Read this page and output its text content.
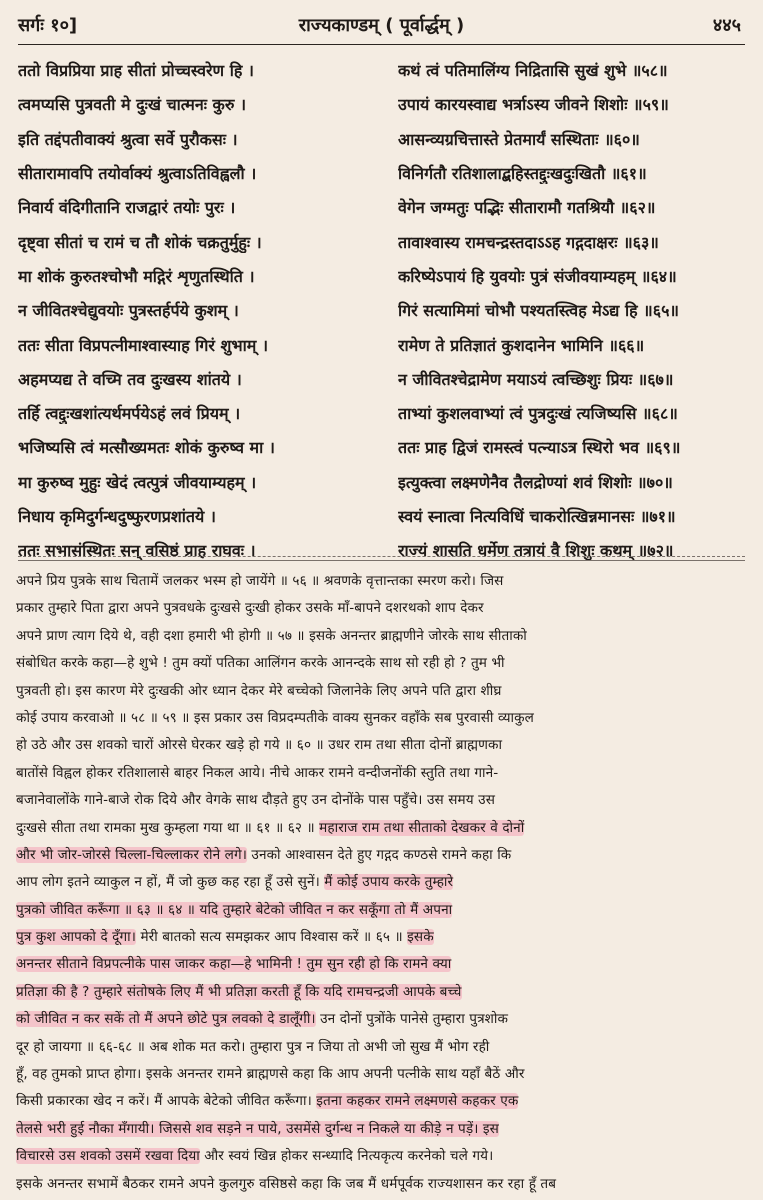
सर्गः १०]	राज्यकाण्डम् ( पूर्वार्द्धम् )	४४५
ततो विप्रप्रिया प्राह सीतां प्रोच्चस्वरेण हि ।	कथं त्वं पतिमालिंग्य निद्रितासि सुखं शुभे ॥५८॥
त्वमप्यसि पुत्रवती मे दुःखं चात्मनः कुरु ।	उपायं कारयस्वाद्य भर्त्राऽस्य जीवने शिशोः ॥५९॥
इति तद्दंपतीवाक्यं श्रुत्वा सर्वे पुरौकसः ।	आसन्व्यग्रचित्तास्ते प्रेतमार्यं सस्थिताः ॥६०॥
सीतारामावपि तयोर्वाक्यं श्रुत्वाऽतिविह्वलौ ।	विनिर्गतौ रतिशालाद्बहिस्तद्दुःखदुःखितौ ॥६१॥
निवार्य वंदिगीतानि राजद्वारं तयोः पुरः ।	वेगेन जग्मतुः पद्भिः सीतारामौ गतश्रियौ ॥६२॥
दृष्ट्वा सीतां च रामं च तौ शोकं चक्रतुर्मुहुः ।	तावाश्वास्य रामचन्द्रस्तदाऽऽह गद्गदाक्षरः ॥६३॥
मा शोकं कुरुतश्चोभौ मद्गिरं शृणुतस्थिति ।	करिष्येऽपायं हि युवयोः पुत्रं संजीवयाम्यहम् ॥६४॥
न जीवितश्चेद्युवयोः पुत्रस्तर्हर्पये कुशम् ।	गिरं सत्यामिमां चोभौ पश्यतस्त्विह मेऽद्य हि ॥६५॥
ततः सीता विप्रपत्नीमाश्वास्याह गिरं शुभाम् ।	रामेण ते प्रतिज्ञातं कुशदानेन भामिनि ॥६६॥
अहमप्यद्य ते वच्मि तव दुःखस्य शांतये ।	न जीवितश्चेद्रामेण मयाऽयं त्वच्छिशुः प्रियः ॥६७॥
तर्हि त्वद्दुःखशांत्यर्थमर्पयेऽहं लवं प्रियम् ।	ताभ्यां कुशलवाभ्यां त्वं पुत्रदुःखं त्यजिष्यसि ॥६८॥
भजिष्यसि त्वं मत्सौख्यमतः शोकं कुरुष्व मा ।	ततः प्राह द्विजं रामस्त्वं पत्न्याऽत्र स्थिरो भव ॥६९॥
मा कुरुष्व मुहुः खेदं त्वत्पुत्रं जीवयाम्यहम् ।	इत्युक्त्वा लक्ष्मणेनैव तैलद्रोण्यां शवं शिशोः ॥७०॥
निधाय कृमिदुर्गन्धदुष्फुरणप्रशांतये ।	स्वयं स्नात्वा नित्यविधिं चाकरोत्खिन्नमानसः ॥७१॥
ततः सभासंस्थितः सन् वसिष्ठं प्राह राघवः ।	राज्यं शासति धर्मेण तत्रायं वै शिशुः कथम् ॥७२॥
अपने प्रिय पुत्रके साथ चितामें जलकर भस्म हो जायेंगे ॥ ५६ ॥ श्रवणके वृत्तान्तका स्मरण करो। जिस
प्रकार तुम्हारे पिता द्वारा अपने पुत्रवधके दुःखसे दुःखी होकर उसके माँ-बापने दशरथको शाप देकर
अपने प्राण त्याग दिये थे, वही दशा हमारी भी होगी ॥ ५७ ॥ इसके अनन्तर ब्राह्मणीने जोरके साथ सीताको
संबोधित करके कहा—हे शुभे ! तुम क्यों पतिका आलिंगन करके आनन्दके साथ सो रही हो ? तुम भी
पुत्रवती हो। इस कारण मेरे दुःखकी ओर ध्यान देकर मेरे बच्चेको जिलानेके लिए अपने पति द्वारा शीघ्र
कोई उपाय करवाओ ॥ ५८ ॥ ५९ ॥ इस प्रकार उस विप्रदम्पतीके वाक्य सुनकर वहाँके सब पुरवासी व्याकुल
हो उठे और उस शवको चारों ओरसे घेरकर खड़े हो गये ॥ ६० ॥ उधर राम तथा सीता दोनों ब्राह्मणका
बातोंसे विह्वल होकर रतिशालासे बाहर निकल आये। नीचे आकर रामने वन्दीजनोंकी स्तुति तथा गाने-
बजानेवालोंके गाने-बाजे रोक दिये और वेगके साथ दौड़ते हुए उन दोनोंके पास पहुँचे। उस समय उस
दुःखसे सीता तथा रामका मुख कुम्हला गया था ॥ ६१ ॥ ६२ ॥ महाराज राम तथा सीताको देखकर वे दोनों
और भी जोर-जोरसे चिल्ला-चिल्लाकर रोने लगे। उनको आश्वासन देते हुए गद्गद कण्ठसे रामने कहा कि
आप लोग इतने व्याकुल न हों, मैं जो कुछ कह रहा हूँ उसे सुनें। मैं कोई उपाय करके तुम्हारे
पुत्रको जीवित करूँगा ॥ ६३ ॥ ६४ ॥ यदि तुम्हारे बेटेको जीवित न कर सकूँगा तो मैं अपना
पुत्र कुश आपको दे दूँगा। मेरी बातको सत्य समझकर आप विश्वास करें ॥ ६५ ॥ इसके
अनन्तर सीताने विप्रपत्नीके पास जाकर कहा—हे भामिनी ! तुम सुन रही हो कि रामने क्या
प्रतिज्ञा की है ? तुम्हारे संतोषके लिए मैं भी प्रतिज्ञा करती हूँ कि यदि रामचन्द्रजी आपके बच्चे
को जीवित न कर सकें तो मैं अपने छोटे पुत्र लवको दे डालूँगी। उन दोनों पुत्रोंके पानेसे तुम्हारा पुत्रशोक
दूर हो जायगा ॥ ६६-६८ ॥ अब शोक मत करो। तुम्हारा पुत्र न जिया तो अभी जो सुख मैं भोग रही
हूँ, वह तुमको प्राप्त होगा। इसके अनन्तर रामने ब्राह्मणसे कहा कि आप अपनी पत्नीके साथ यहाँ बैठें और
किसी प्रकारका खेद न करें। मैं आपके बेटेको जीवित करूँगा। इतना कहकर रामने लक्ष्मणसे कहकर एक
तेलसे भरी हुई नौका मँगायी। जिससे शव सड़ने न पाये, उसमेंसे दुर्गन्ध न निकले या कीड़े न पड़ें। इस
विचारसे उस शवको उसमें रखवा दिया और स्वयं खिन्न होकर सन्ध्यादि नित्यकृत्य करनेको चले गये।
इसके अनन्तर सभामें बैठकर रामने अपने कुलगुरु वसिष्ठसे कहा कि जब मैं धर्मपूर्वक राज्यशासन कर रहा हूँ तब
